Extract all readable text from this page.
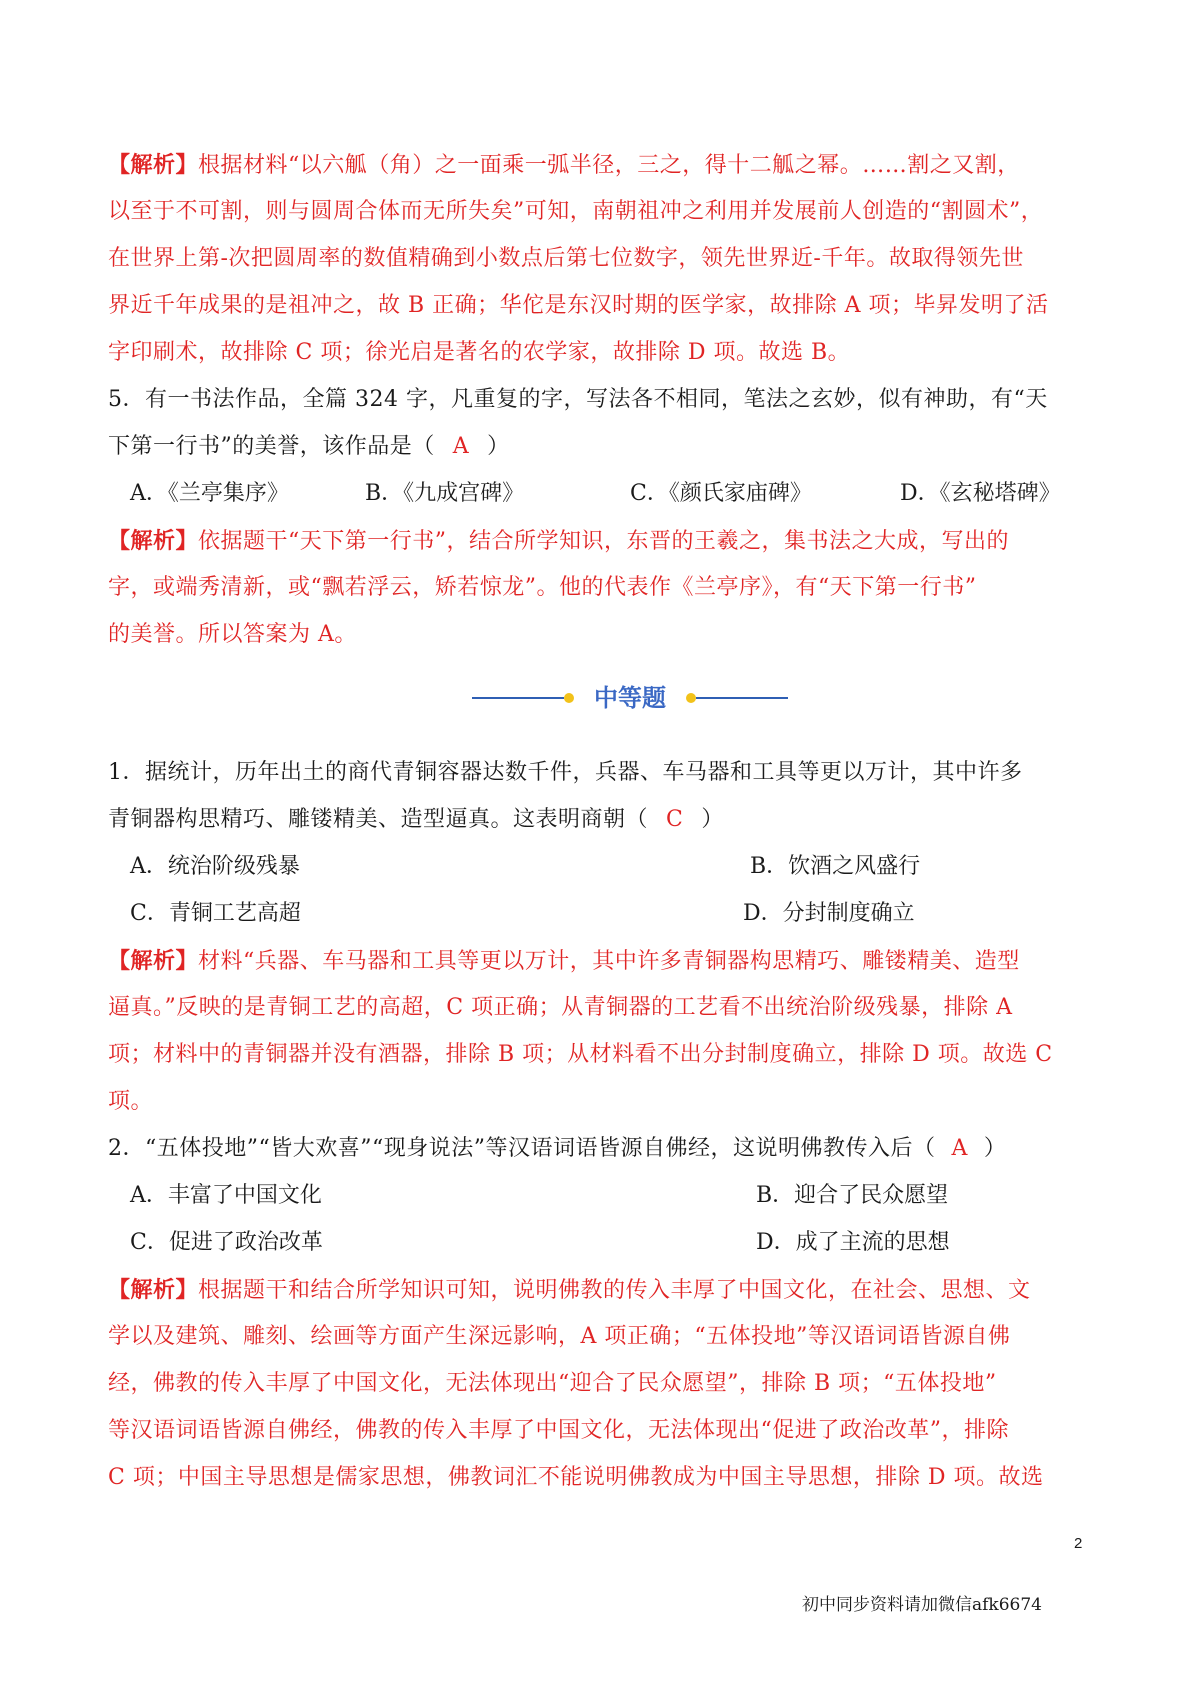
【解析】根据材料“以六觚（角）之一面乘一弧半径，三之，得十二觚之幂。……割之又割，
以至于不可割，则与圆周合体而无所失矣”可知，南朝祖冲之利用并发展前人创造的“割圆术”，
在世界上第-次把圆周率的数值精确到小数点后第七位数字，领先世界近-千年。故取得领先世
界近千年成果的是祖冲之，故 B 正确；华佗是东汉时期的医学家，故排除 A 项；毕昇发明了活
字印刷术，故排除 C 项；徐光启是著名的农学家，故排除 D 项。故选 B。
5．有一书法作品，全篇 324 字，凡重复的字，写法各不相同，笔法之玄妙，似有神助，有“天
下第一行书”的美誉，该作品是（ A ）
A．《兰亭集序》	B．《九成宫碑》	C．《颜氏家庙碑》	D．《玄秘塔碑》
【解析】依据题干“天下第一行书”，结合所学知识，东晋的王羲之，集书法之大成，写出的
字，或端秀清新，或“飘若浮云，矫若惊龙”。他的代表作《兰亭序》，有“天下第一行书”
的美誉。所以答案为 A。
中等题
1．据统计，历年出土的商代青铜容器达数千件，兵器、车马器和工具等更以万计，其中许多
青铜器构思精巧、雕镂精美、造型逼真。这表明商朝（ C ）
A．统治阶级残暴	B．饮酒之风盛行
C．青铜工艺高超	D．分封制度确立
【解析】材料“兵器、车马器和工具等更以万计，其中许多青铜器构思精巧、雕镂精美、造型
逼真。”反映的是青铜工艺的高超，C 项正确；从青铜器的工艺看不出统治阶级残暴，排除 A
项；材料中的青铜器并没有酒器，排除 B 项；从材料看不出分封制度确立，排除 D 项。故选 C
项。
2．“五体投地”“皆大欢喜”“现身说法”等汉语词语皆源自佛经，这说明佛教传入后（ A ）
A．丰富了中国文化	B．迎合了民众愿望
C．促进了政治改革	D．成了主流的思想
【解析】根据题干和结合所学知识可知，说明佛教的传入丰厚了中国文化，在社会、思想、文
学以及建筑、雕刻、绘画等方面产生深远影响，A 项正确；“五体投地”等汉语词语皆源自佛
经，佛教的传入丰厚了中国文化，无法体现出“迎合了民众愿望”，排除 B 项；“五体投地”
等汉语词语皆源自佛经，佛教的传入丰厚了中国文化，无法体现出“促进了政治改革”，排除
C 项；中国主导思想是儒家思想，佛教词汇不能说明佛教成为中国主导思想，排除 D 项。故选
2
初中同步资料请加微信afk6674
